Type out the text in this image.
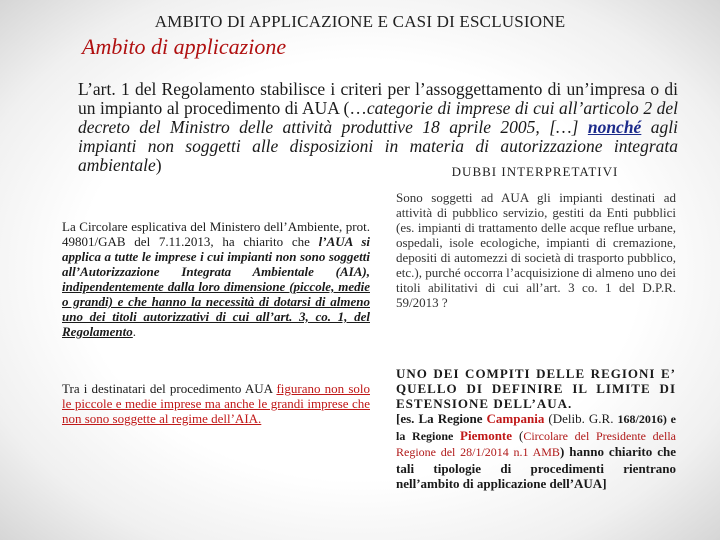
AMBITO DI APPLICAZIONE E CASI DI ESCLUSIONE
Ambito di applicazione
L’art. 1 del Regolamento stabilisce i criteri per l’assoggettamento di un’impresa o di un impianto al procedimento di AUA (…categorie di imprese di cui all’articolo 2 del decreto del Ministro delle attività produttive 18 aprile 2005, […] nonché agli impianti non soggetti alle disposizioni in materia di autorizzazione integrata ambientale)	DUBBI INTERPRETATIVI
La Circolare esplicativa del Ministero dell’Ambiente, prot. 49801/GAB del 7.11.2013, ha chiarito che l’AUA si applica a tutte le imprese i cui impianti non sono soggetti all’Autorizzazione Integrata Ambientale (AIA), indipendentemente dalla loro dimensione (piccole, medie o grandi) e che hanno la necessità di dotarsi di almeno uno dei titoli autorizzativi di cui all’art. 3, co. 1, del Regolamento.
Tra i destinatari del procedimento AUA figurano non solo le piccole e medie imprese ma anche le grandi imprese che non sono soggette al regime dell’AIA.
Sono soggetti ad AUA gli impianti destinati ad attività di pubblico servizio, gestiti da Enti pubblici (es. impianti di trattamento delle acque reflue urbane, ospedali, isole ecologiche, impianti di cremazione, depositi di automezzi di società di trasporto pubblico, etc.), purché occorra l’acquisizione di almeno uno dei titoli abilitativi di cui all’art. 3 co. 1 del D.P.R. 59/2013 ?
UNO DEI COMPITI DELLE REGIONI E’ QUELLO DI DEFINIRE IL LIMITE DI ESTENSIONE DELL’AUA.
[es. La Regione Campania (Delib. G.R. 168/2016) e la Regione Piemonte (Circolare del Presidente della Regione del 28/1/2014 n.1 AMB) hanno chiarito che tali tipologie di procedimenti rientrano nell’ambito di applicazione dell’AUA]
